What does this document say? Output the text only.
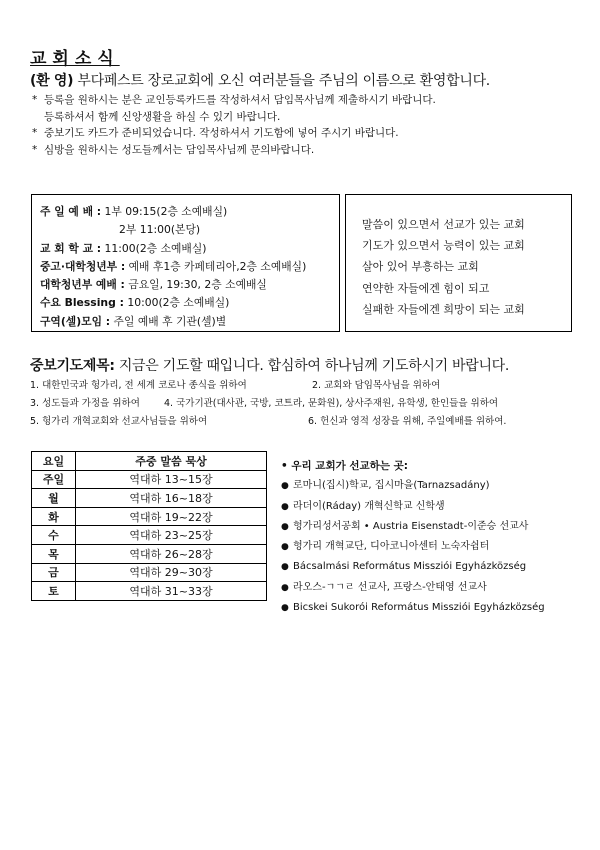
교회소식
(환 영) 부다페스트 장로교회에 오신 여러분들을 주님의 이름으로 환영합니다.
* 등록을 원하시는 분은 교인등록카드를 작성하셔서 담임목사님께 제출하시기 바랍니다.
등록하셔서 함께 신앙생활을 하실 수 있기 바랍니다.
* 중보기도 카드가 준비되었습니다. 작성하셔서 기도함에 넣어 주시기 바랍니다.
* 심방을 원하시는 성도들께서는 담임목사님께 문의바랍니다.
주 일 예 배 : 1부 09:15(2층 소예배실)
2부 11:00(본당)
교 회 학 교 : 11:00(2층 소예배실)
중고·대학청년부 : 예배 후1층 카페테리아,2층 소예배실)
대학청년부 예배 : 금요일, 19:30, 2층 소예배실
수요 Blessing : 10:00(2층 소예배실)
구역(셀)모임 : 주일 예배 후 기관(셀)별
말씀이 있으면서 선교가 있는 교회
기도가 있으면서 능력이 있는 교회
살아 있어 부흥하는 교회
연약한 자들에겐 힘이 되고
실패한 자들에겐 희망이 되는 교회
중보기도제목: 지금은 기도할 때입니다. 합심하여 하나님께 기도하시기 바랍니다.
1. 대한민국과 헝가리, 전 세계 코로나 종식을 위하여	2. 교회와 담임목사님을 위하여
3. 성도들과 가정을 위하여	4. 국가기관(대사관, 국방, 코트라, 문화원), 상사주재원, 유학생, 한인들을 위하여
5. 헝가리 개혁교회와 선교사님들을 위하여	6. 헌신과 영적 성장을 위해, 주일예배를 위하여.
요일	주중 말씀 묵상
주일	역대하 13~15장
월	역대하 16~18장
화	역대하 19~22장
수	역대하 23~25장
목	역대하 26~28장
금	역대하 29~30장
토	역대하 31~33장
• 우리 교회가 선교하는 곳:
● 로마니(집시)학교, 집시마을(Tarnazsadány)
● 라더이(Ráday) 개혁신학교 신학생
● 헝가리성서공회 • Austria Eisenstadt-이준승 선교사
● 헝가리 개혁교단, 디아코니아센터 노숙자쉼터
● Bácsalmási Református Missziói Egyházközség
● 라오스-ㄱㄱㄹ 선교사, 프랑스-안태영 선교사
● Bicskei Sukorói Református Missziói Egyházközség
